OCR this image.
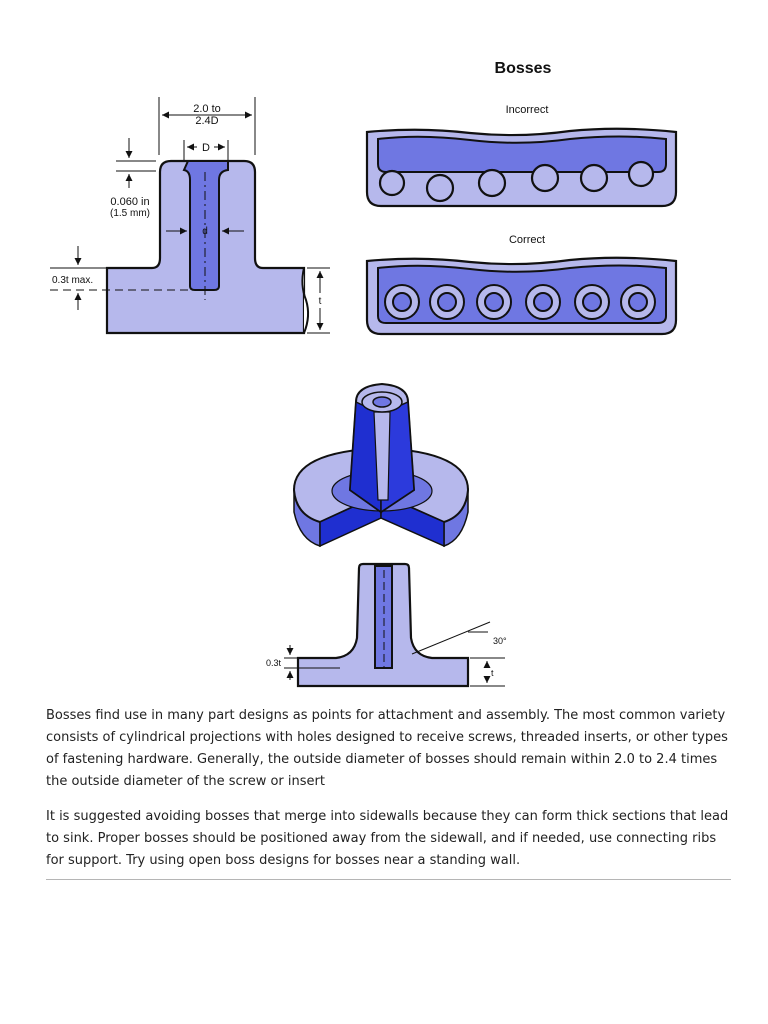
Bosses
2.0 to
2.4D
D
0.060 in
(1.5 mm)
d
0.3t max.
t
Incorrect
Correct
30°
t
0.3t

Bosses find use in many part designs as points for attachment and assembly. The most common variety consists of cylindrical projections with holes designed to receive screws, threaded inserts, or other types of fastening hardware. Generally, the outside diameter of bosses should remain within 2.0 to 2.4 times the outside diameter of the screw or insert

It is suggested avoiding bosses that merge into sidewalls because they can form thick sections that lead to sink. Proper bosses should be positioned away from the sidewall, and if needed, use connecting ribs for support. Try using open boss designs for bosses near a standing wall.
